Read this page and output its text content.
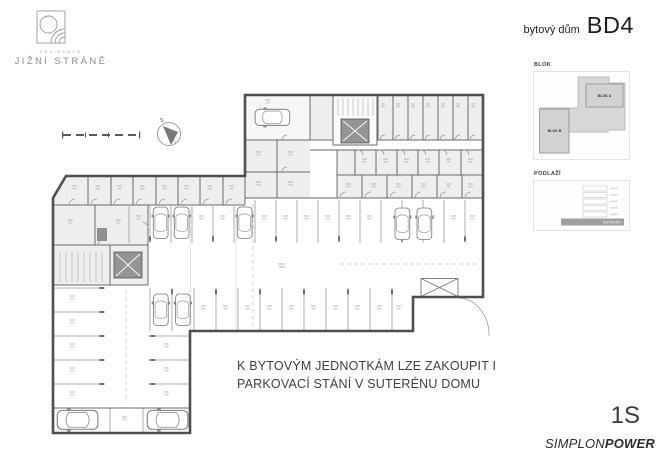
REZIDENCE
JIŽNÍ STRÁNĚ
bytový dům BD4
S
BLOK
BLOK A
BLOK B
PODLAŽÍ
SUTERÉN
K BYTOVÝM JEDNOTKÁM LZE ZAKOUPIT I
PARKOVACÍ STÁNÍ V SUTERÉNU DOMU
1S
SIMPLONPOWER
